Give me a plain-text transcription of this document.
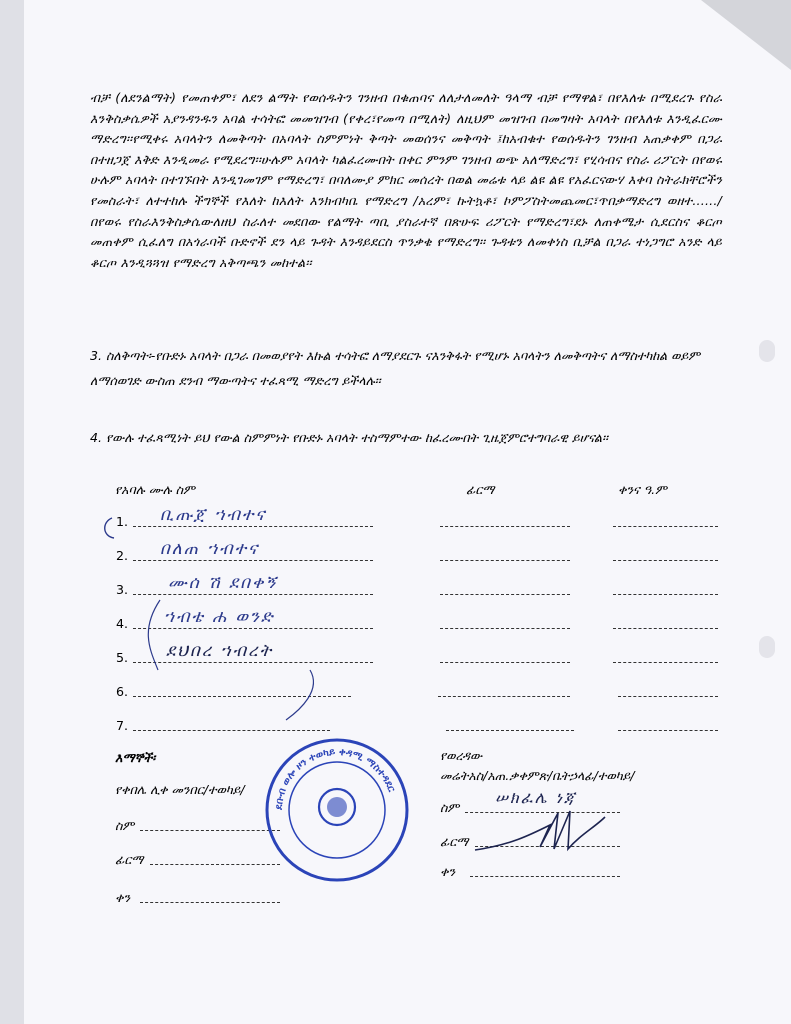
ብቻ (ለደንልማት) የመጠቀም፣ ለደን ልማት የወሰዱትን ገንዘብ በቁጠባና ለለታለመለት ዓላማ ብቻ የማዋል፣ በየእለቱ በሚደረጉ የስራ እንቅስቃሴዎች አያንዳንዱን አባል ተሳትፎ መመዝገብ (የቀረ፣የመጣ በሚለት) ለዚህም መዝገብ በመግዛት አባላት በየእለቱ እንዲፈርሙ ማድረግ፡፡የሚቀሩ አባላትን ለመቅጣት በአባላት ስምምነት ቅጣት መወሰንና መቅጣት ፤ከአብቁተ የወሰዱትን ገንዘብ አጠቃቀም በጋራ በተዘጋጀ እቅድ እንዲመራ የሚደረግ፡፡ሁሉም አባላት ካልፈረሙበት በቀር ምንም ገንዘብ ወጭ አለማድረግ፣ የሂሳብና የስራ ሪፖርት በየወሩ ሁሉም አባላት በተገኙበት እንዲገመገም የማድረግ፣ በባለሙያ ምክር መሰረት በወል መሬቱ ላይ ልዩ ልዩ የአፈርናውሃ እቀባ ስትራክቸሮችን የመስራት፣ ለተተከሉ ችግኞች የእለት ከእለት እንክብካቤ የማድረግ /አረም፣ ኩትኳቶ፣ ኮምፖስትመጨመር፣ጥበቃማድረግ ወዘተ....../ በየወሩ የስራእንቅስቃሴውለዘህ ስራለተ መደበው የልማት ጣቢ ያስራተኛ በጽሁፍ ሪፖርት የማድረግ፣ደኑ ለጠቀሜታ ሲደርስና ቆርጦ መጠቀም ሲፈለግ በአጎራባች ቡድኖች ደን ላይ ጉዳት እንዳይደርስ ጥንቃቄ የማድረግ፡፡ ጉዳቱን ለመቀነስ ቢቻል በጋራ ተነጋግሮ አንድ ላይ ቆርጦ እንዲጓጓዝ የማድረግ አቅጣጫን መከተል፡፡

3. ስለቅጣት፡-የቡድኑ አባላት በጋራ በመወያየት እኩል ተሳትፎ ለማያደርጉ ናእንቅፋት የሚሆኑ አባላትን ለመቅጣትና ለማስተካከል ወይም ለማሰወገድ ውስጠ ደንብ ማውጣትና ተፈጻሚ ማድረግ ይችላሉ፡፡
4. የውሉ ተፈጻሚነት ይህ የውል ስምምነት የቡድኑ አባላት ተስማምተው ከፈረሙበት ጊዜጀምሮተግባራዊ ይሆናል፡፡
የአባሉ ሙሉ ስም	ፊርማ	ቀንና ዓ.ም
1. ቢጡጀ ኀብተና
2. በለጠ ኀብተና
3. ሙሰ ሽ ደበቀኝ
4. ኀብቴ ሐ ወንድ
5. ደህበረ ኀብረት
6.
7.
እማኞች፡
የቀበሌ ሊቀ መንበር/ተወካይ/
ስም
ፊርማ
ቀን
የወረዳው
መሬትአስ/አጠ.ቃቀምጽ/ቤትኃላፊ/ተወካይ/
ስም
ሠክፈሌ ነጃ
ፊርማ
ቀን
ደቡብ ወሎ ዞን ተወካይ ቀዳሚ ማስተዳደር
